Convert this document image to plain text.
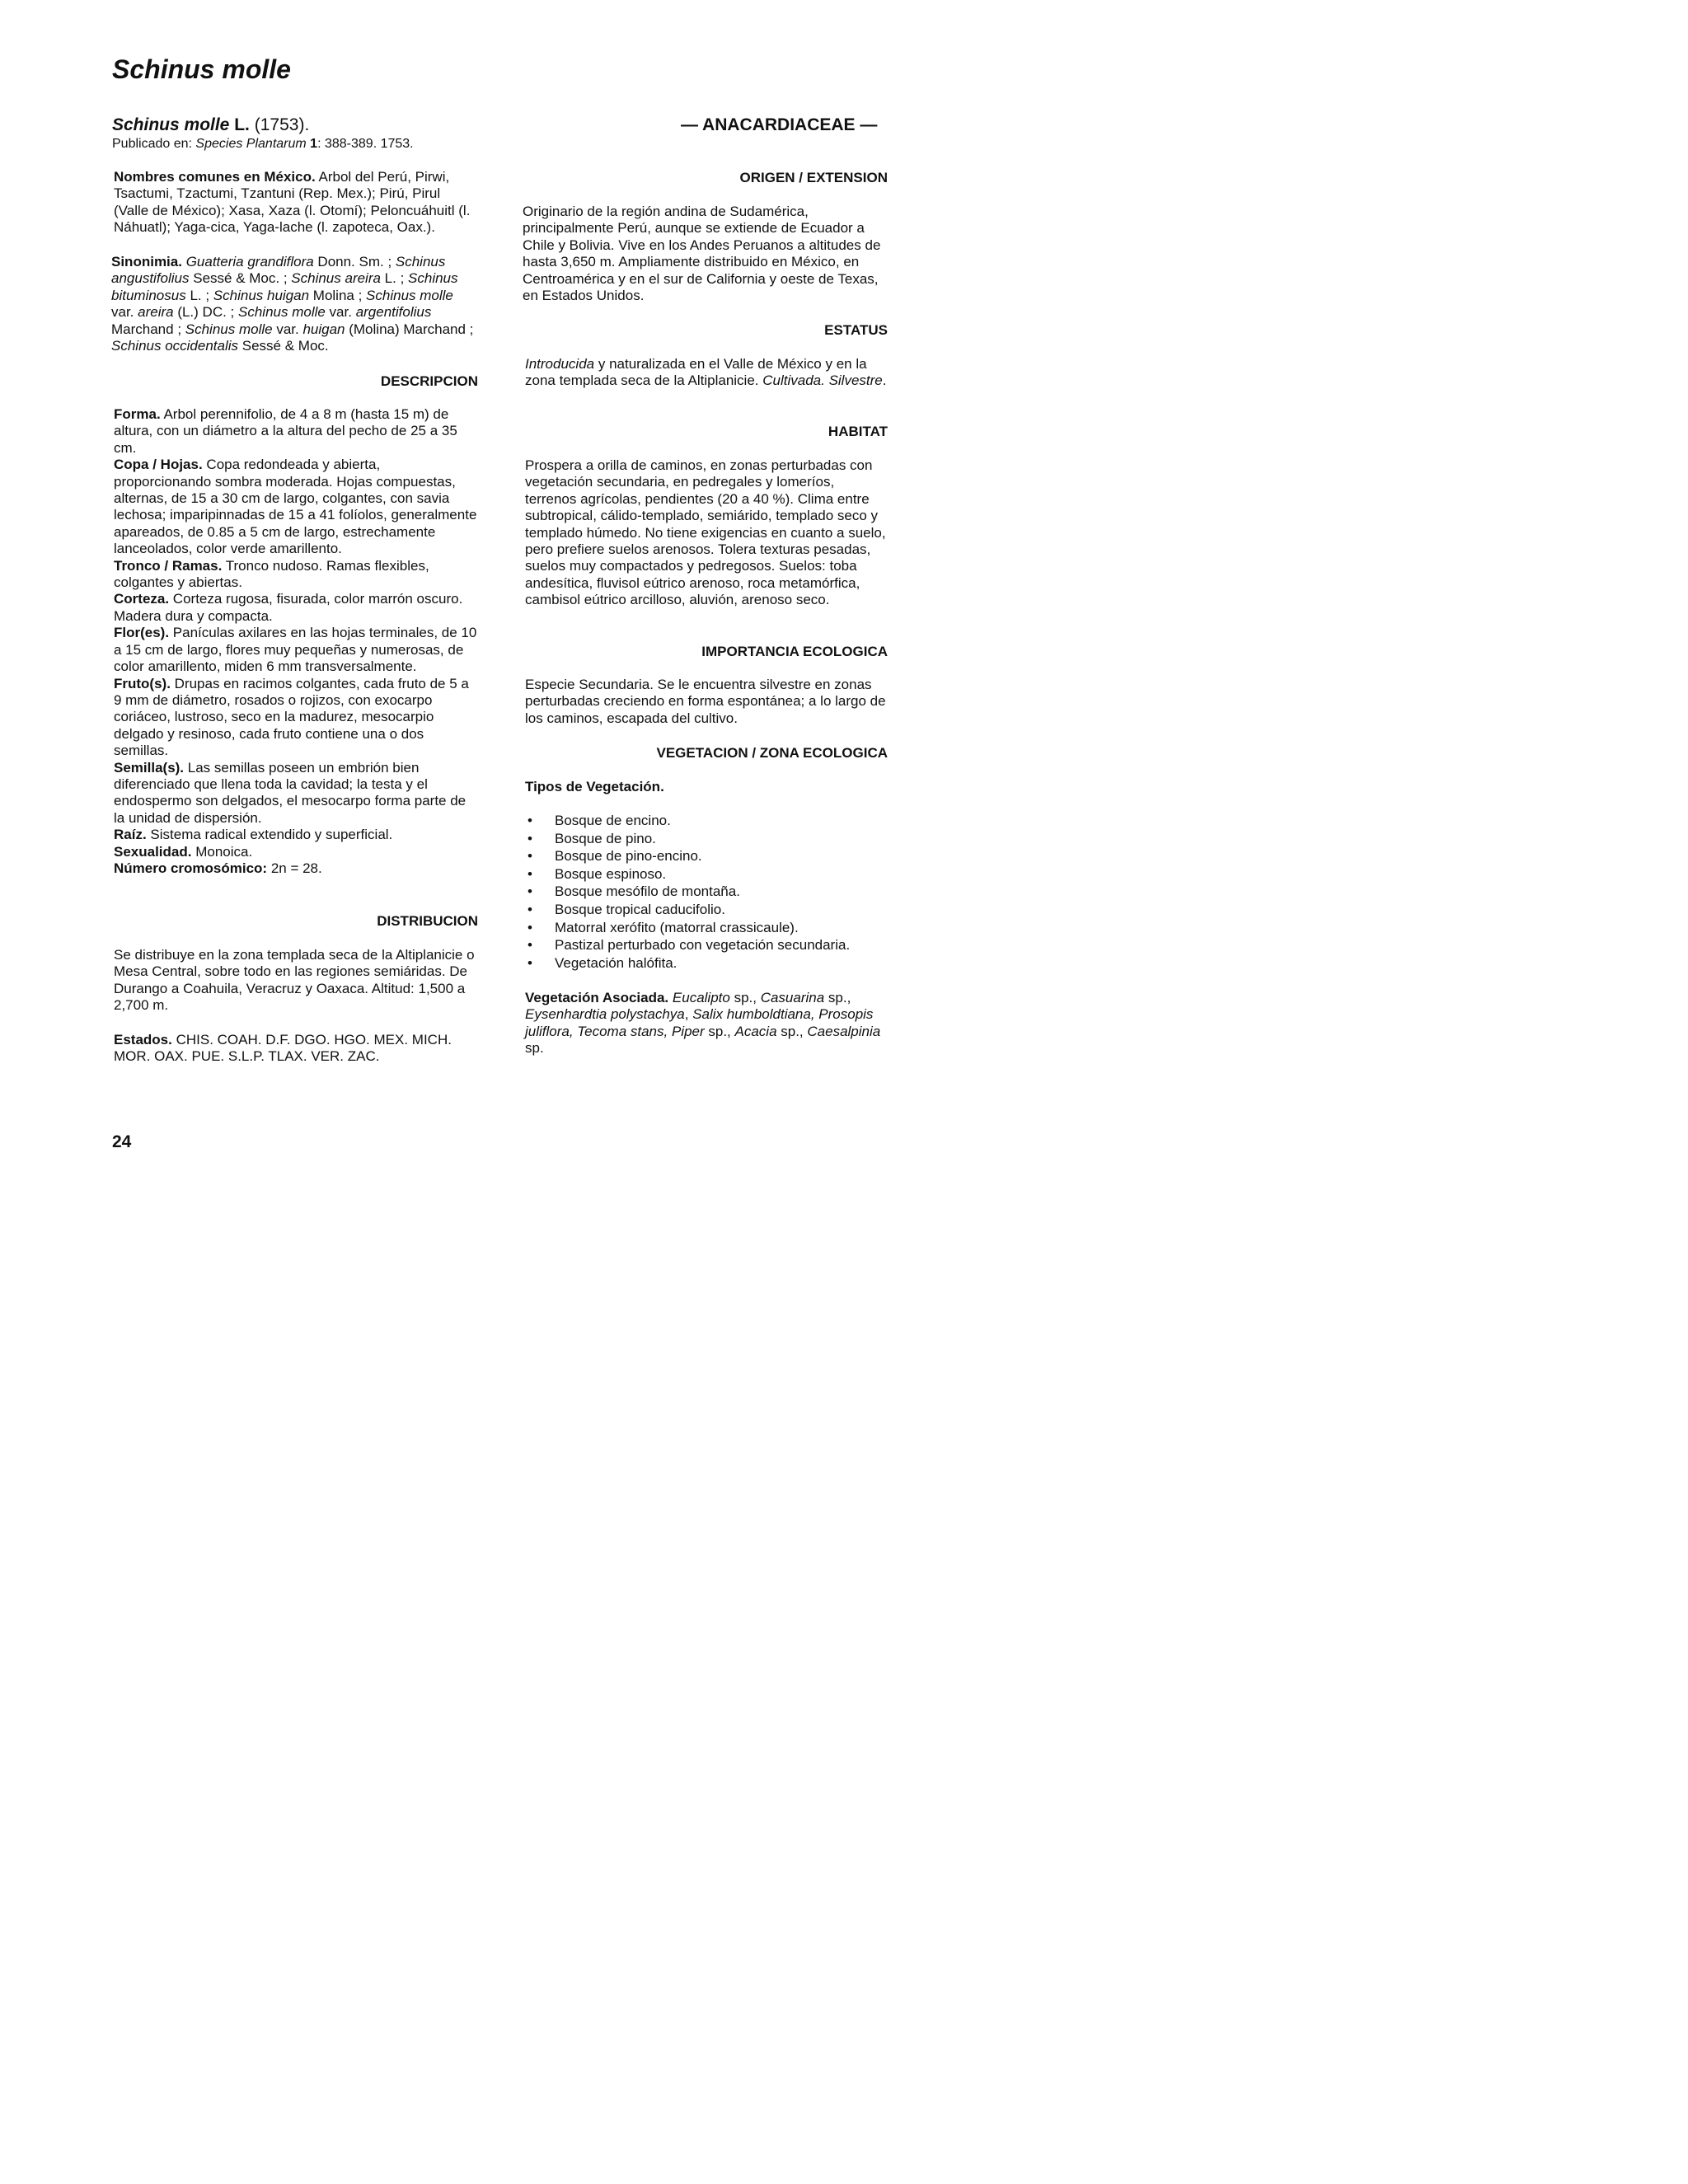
Schinus molle
Schinus molle L. (1753).
Publicado en: Species Plantarum 1: 388-389. 1753.
— ANACARDIACEAE —

Nombres comunes en México. Arbol del Perú, Pirwi, Tsactumi, Tzactumi, Tzantuni (Rep. Mex.); Pirú, Pirul (Valle de México); Xasa, Xaza (l. Otomí); Peloncuáhuitl (l. Náhuatl); Yaga-cica, Yaga-lache (l. zapoteca, Oax.).

Sinonimia. Guatteria grandiflora Donn. Sm. ; Schinus angustifolius Sessé & Moc. ; Schinus areira L. ; Schinus bituminosus L. ; Schinus huigan Molina ; Schinus molle var. areira (L.) DC. ; Schinus molle var. argentifolius Marchand ; Schinus molle var. huigan (Molina) Marchand ; Schinus occidentalis Sessé & Moc.

DESCRIPCION

Forma. Arbol perennifolio, de 4 a 8 m (hasta 15 m) de altura, con un diámetro a la altura del pecho de 25 a 35 cm.

Copa / Hojas. Copa redondeada y abierta, proporcionando sombra moderada. Hojas compuestas, alternas, de 15 a 30 cm de largo, colgantes, con savia lechosa; imparipinnadas de 15 a 41 folíolos, generalmente apareados, de 0.85 a 5 cm de largo, estrechamente lanceolados, color verde amarillento.

Tronco / Ramas. Tronco nudoso. Ramas flexibles, colgantes y abiertas.

Corteza. Corteza rugosa, fisurada, color marrón oscuro. Madera dura y compacta.

Flor(es). Panículas axilares en las hojas terminales, de 10 a 15 cm de largo, flores muy pequeñas y numerosas, de color amarillento, miden 6 mm transversalmente.

Fruto(s). Drupas en racimos colgantes, cada fruto de 5 a 9 mm de diámetro, rosados o rojizos, con exocarpo coriáceo, lustroso, seco en la madurez, mesocarpio delgado y resinoso, cada fruto contiene una o dos semillas.

Semilla(s). Las semillas poseen un embrión bien diferenciado que llena toda la cavidad; la testa y el endospermo son delgados, el mesocarpo forma parte de la unidad de dispersión.

Raíz. Sistema radical extendido y superficial.

Sexualidad. Monoica.

Número cromosómico: 2n = 28.

DISTRIBUCION

Se distribuye en la zona templada seca de la Altiplanicie o Mesa Central, sobre todo en las regiones semiáridas. De Durango a Coahuila, Veracruz y Oaxaca. Altitud: 1,500 a 2,700 m.

Estados. CHIS. COAH. D.F. DGO. HGO. MEX. MICH. MOR. OAX. PUE. S.L.P. TLAX. VER. ZAC.

ORIGEN / EXTENSION

Originario de la región andina de Sudamérica, principalmente Perú, aunque se extiende de Ecuador a Chile y Bolivia. Vive en los Andes Peruanos a altitudes de hasta 3,650 m. Ampliamente distribuido en México, en Centroamérica y en el sur de California y oeste de Texas, en Estados Unidos.

ESTATUS

Introducida y naturalizada en el Valle de México y en la zona templada seca de la Altiplanicie. Cultivada. Silvestre.

HABITAT

Prospera a orilla de caminos, en zonas perturbadas con vegetación secundaria, en pedregales y lomeríos, terrenos agrícolas, pendientes (20 a 40 %). Clima entre subtropical, cálido-templado, semiárido, templado seco y templado húmedo. No tiene exigencias en cuanto a suelo, pero prefiere suelos arenosos. Tolera texturas pesadas, suelos muy compactados y pedregosos. Suelos: toba andesítica, fluvisol eútrico arenoso, roca metamórfica, cambisol eútrico arcilloso, aluvión, arenoso seco.

IMPORTANCIA ECOLOGICA

Especie Secundaria. Se le encuentra silvestre en zonas perturbadas creciendo en forma espontánea; a lo largo de los caminos, escapada del cultivo.

VEGETACION / ZONA ECOLOGICA

Tipos de Vegetación.

• Bosque de encino.
• Bosque de pino.
• Bosque de pino-encino.
• Bosque espinoso.
• Bosque mesófilo de montaña.
• Bosque tropical caducifolio.
• Matorral xerófito (matorral crassicaule).
• Pastizal perturbado con vegetación secundaria.
• Vegetación halófita.

Vegetación Asociada. Eucalipto sp., Casuarina sp., Eysenhardtia polystachya, Salix humboldtiana, Prosopis juliflora, Tecoma stans, Piper sp., Acacia sp., Caesalpinia sp.

24
